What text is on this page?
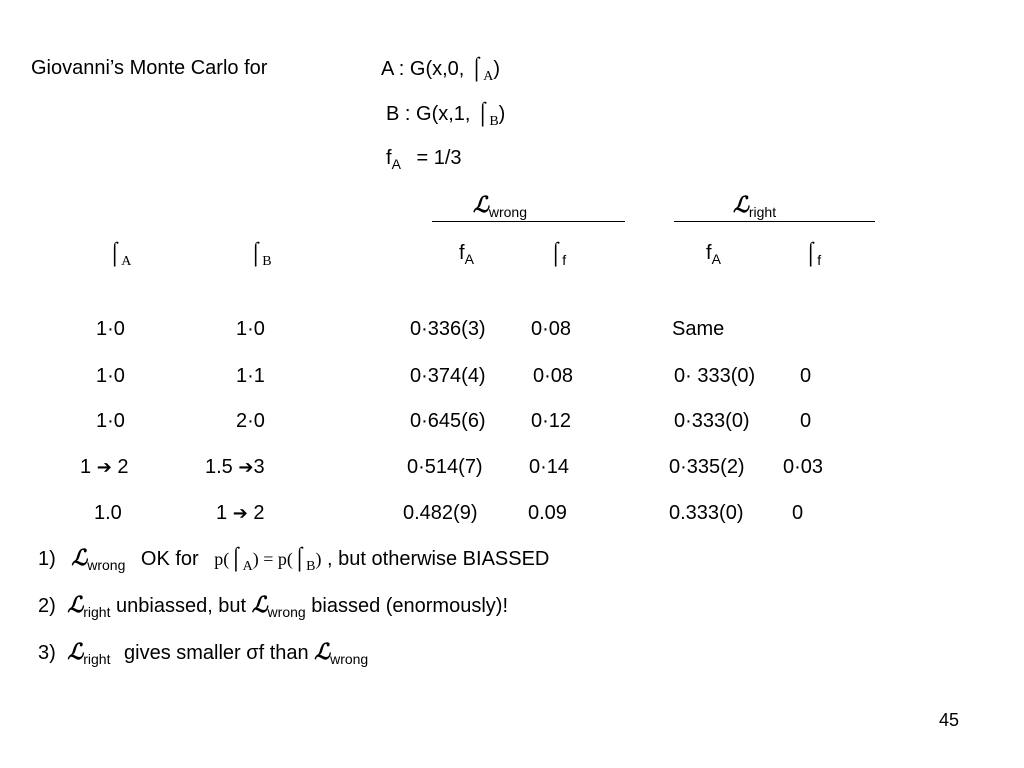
Giovanni’s Monte Carlo for	A : G(x,0, $⌠_A$)
B : G(x,1, $⌠_B$)
$f_A = 1/3$
ℒ$_{wrong}$	ℒ$_{right}$
$⌠_A$	$⌠_B$	$f_A$	$⌠_f$	$f_A$	$⌠_f$
1·0	1·0	0·336(3) 0·08	Same
1·0	1·1	0·374(4) 0·08	0· 333(0) 0
1·0	2·0	0·645(6) 0·12	0·333(0)	0
1 ➔ 2	1.5 ➔3	0·514(7) 0·14	0·335(2) 0·03
1.0	1 ➔ 2	0.482(9)	0.09	0.333(0) 0
1) ℒ$_{wrong}$ OK for $p(⌠_A)$ = $p(⌠_B)$ , but otherwise BIASSED
2) ℒ$_{right}$ unbiassed, but ℒ$_{wrong}$ biassed (enormously)!
3) ℒ$_{right}$ gives smaller σf than ℒ$_{wrong}$
45
